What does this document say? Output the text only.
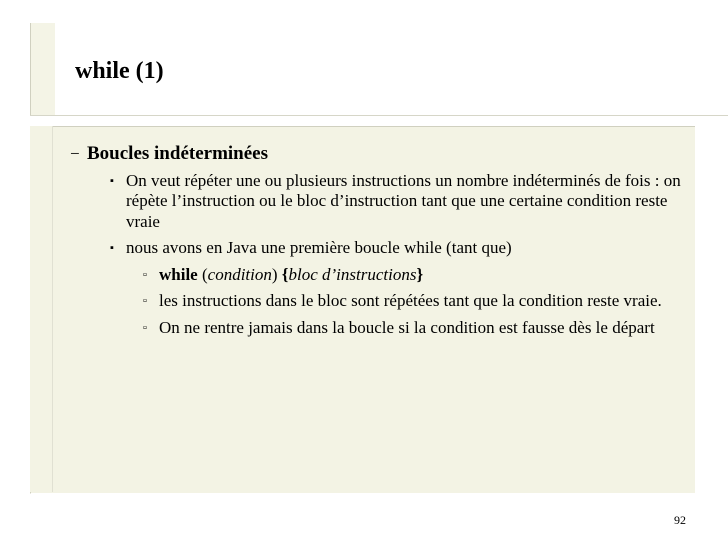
while (1)
− Boucles indéterminées
▪ On veut répéter une ou plusieurs instructions un nombre indéterminés de fois : on répète l’instruction ou le bloc d’instruction tant que une certaine condition reste vraie
▪ nous avons en Java une première boucle while (tant que)
▫ while (condition) {bloc d’instructions}
▫ les instructions dans le bloc sont répétées tant que la condition reste vraie.
▫ On ne rentre jamais dans la boucle si la condition est fausse dès le départ
92
